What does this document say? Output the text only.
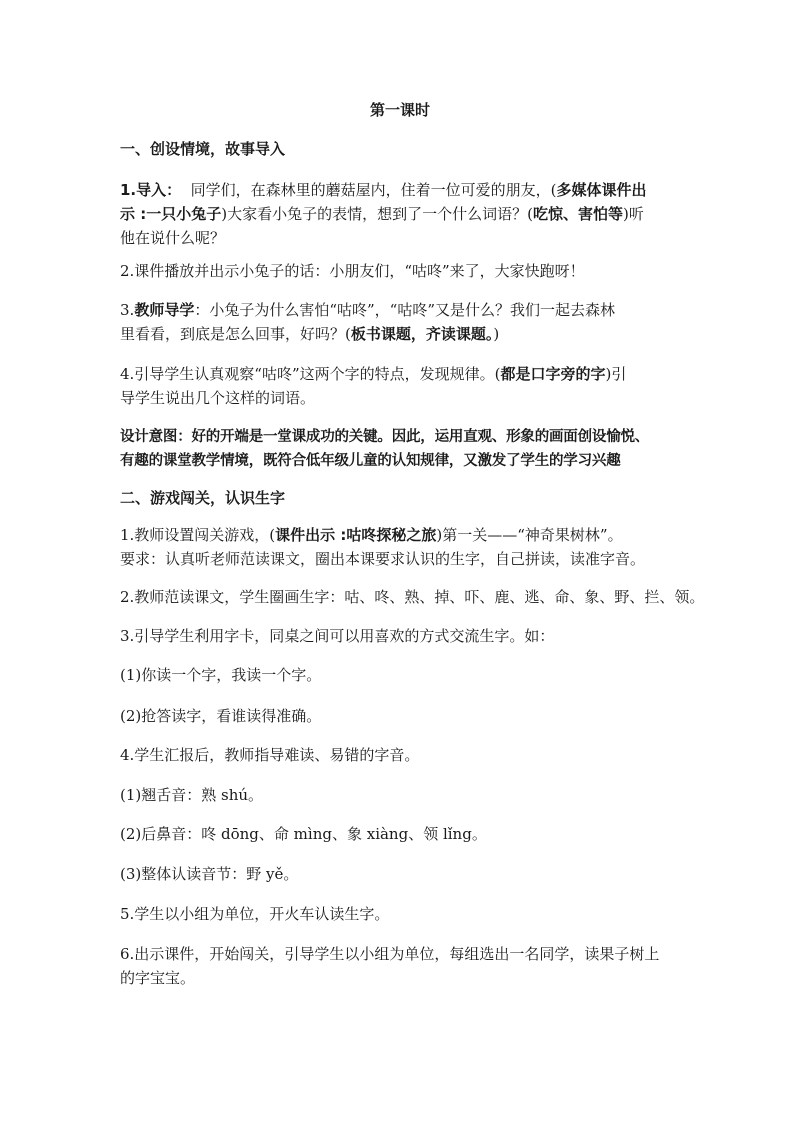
第一课时
一、创设情境，故事导入
1.导入：  同学们，在森林里的蘑菇屋内，住着一位可爱的朋友，(多媒体课件出
示 :一只小兔子)大家看小兔子的表情，想到了一个什么词语？(吃惊、害怕等)听
他在说什么呢？
2.课件播放并出示小兔子的话：小朋友们，“咕咚”来了，大家快跑呀！
3.教师导学：小兔子为什么害怕“咕咚”，“咕咚”又是什么？我们一起去森林
里看看，到底是怎么回事，好吗？(板书课题，齐读课题。)
4.引导学生认真观察“咕咚”这两个字的特点，发现规律。(都是口字旁的字)引
导学生说出几个这样的词语。
设计意图：好的开端是一堂课成功的关键。因此，运用直观、形象的画面创设愉悦、
有趣的课堂教学情境，既符合低年级儿童的认知规律，又激发了学生的学习兴趣
二、游戏闯关，认识生字
1.教师设置闯关游戏，(课件出示 :咕咚探秘之旅)第一关——“神奇果树林”。
要求：认真听老师范读课文，圈出本课要求认识的生字，自己拼读，读准字音。
2.教师范读课文，学生圈画生字：咕、咚、熟、掉、吓、鹿、逃、命、象、野、拦、领。
3.引导学生利用字卡，同桌之间可以用喜欢的方式交流生字。如：
(1)你读一个字，我读一个字。
(2)抢答读字，看谁读得准确。
4.学生汇报后，教师指导难读、易错的字音。
(1)翘舌音：熟 shú。
(2)后鼻音：咚 dōng、命 mìng、象 xiàng、领 lǐng。
(3)整体认读音节：野 yě。
5.学生以小组为单位，开火车认读生字。
6.出示课件，开始闯关，引导学生以小组为单位，每组选出一名同学，读果子树上
的字宝宝。
